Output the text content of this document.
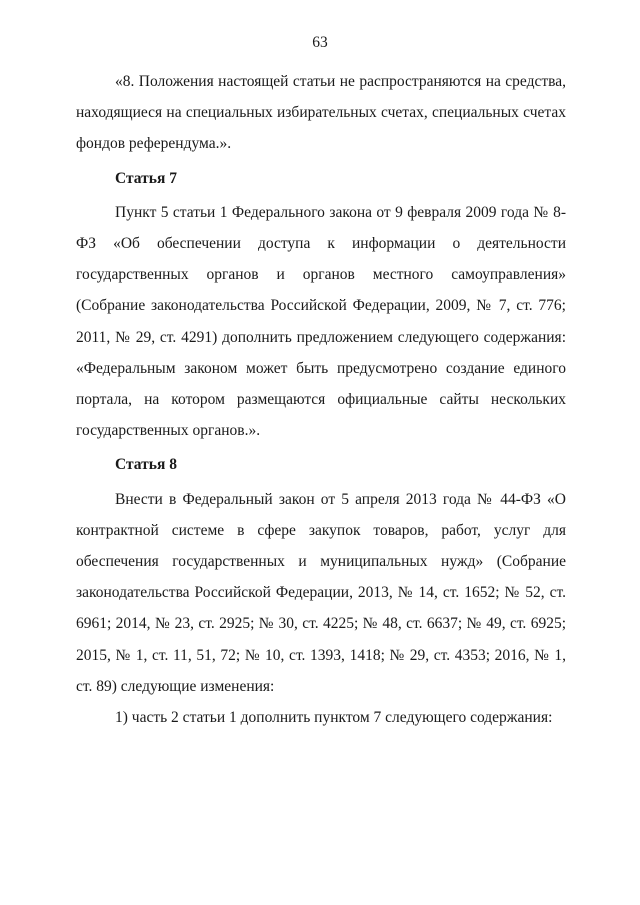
63

«8. Положения настоящей статьи не распространяются на средства, находящиеся на специальных избирательных счетах, специальных счетах фондов референдума.».

Статья 7

Пункт 5 статьи 1 Федерального закона от 9 февраля 2009 года № 8-ФЗ «Об обеспечении доступа к информации о деятельности государственных органов и органов местного самоуправления» (Собрание законодательства Российской Федерации, 2009, № 7, ст. 776; 2011, № 29, ст. 4291) дополнить предложением следующего содержания: «Федеральным законом может быть предусмотрено создание единого портала, на котором размещаются официальные сайты нескольких государственных органов.».

Статья 8

Внести в Федеральный закон от 5 апреля 2013 года № 44-ФЗ «О контрактной системе в сфере закупок товаров, работ, услуг для обеспечения государственных и муниципальных нужд» (Собрание законодательства Российской Федерации, 2013, № 14, ст. 1652; № 52, ст. 6961; 2014, № 23, ст. 2925; № 30, ст. 4225; № 48, ст. 6637; № 49, ст. 6925; 2015, № 1, ст. 11, 51, 72; № 10, ст. 1393, 1418; № 29, ст. 4353; 2016, № 1, ст. 89) следующие изменения:

1) часть 2 статьи 1 дополнить пунктом 7 следующего содержания:
